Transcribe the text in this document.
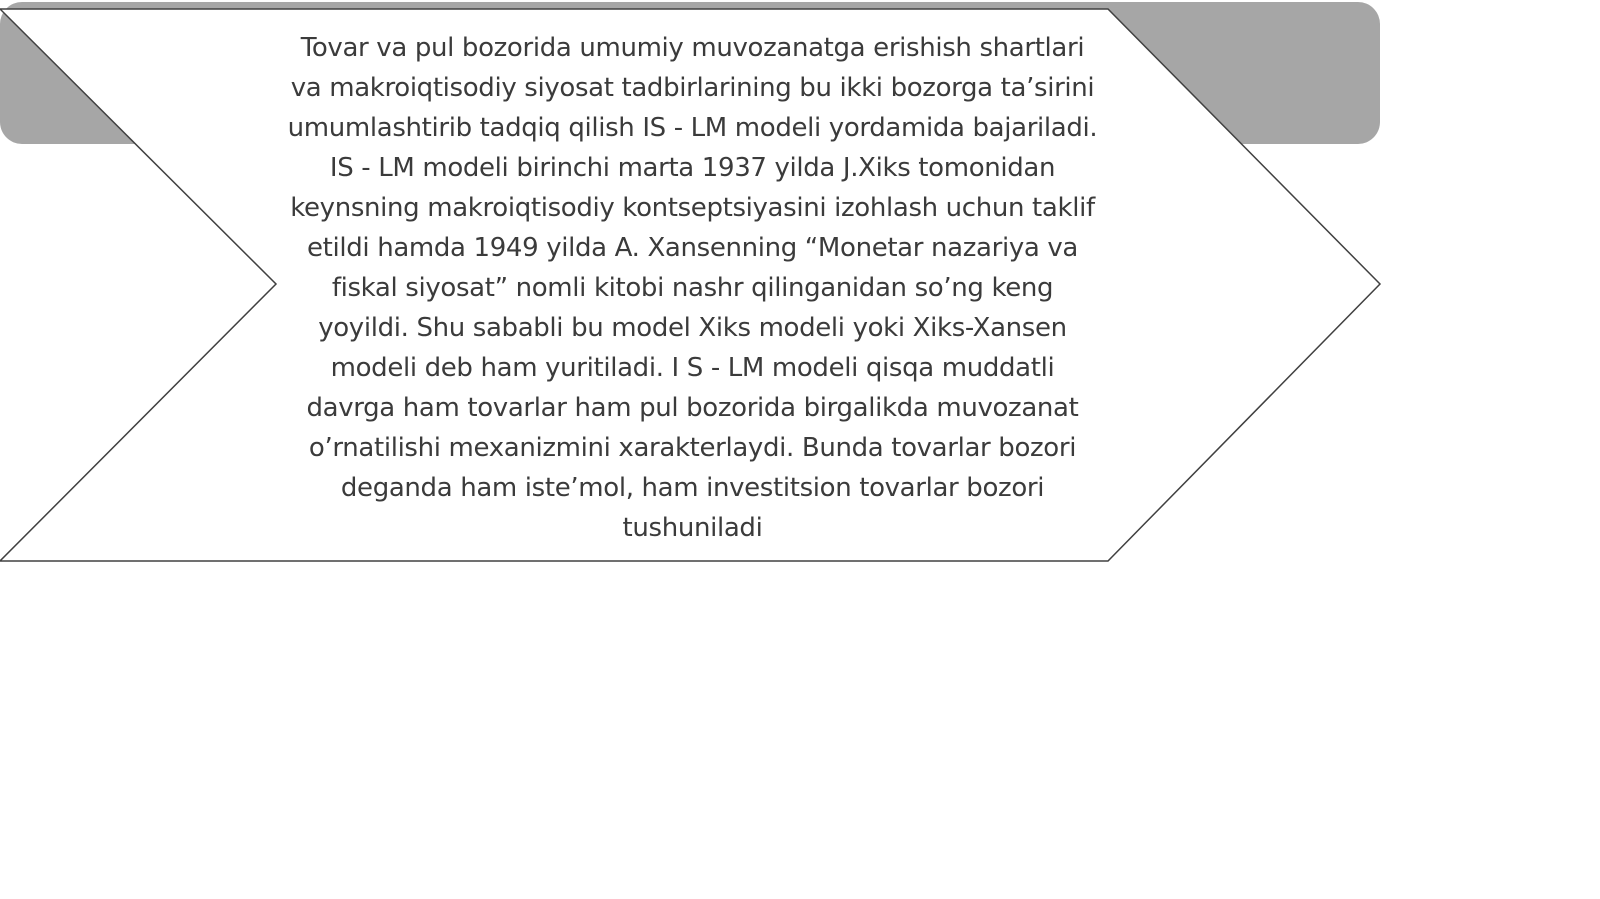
Tovar va pul bozorida umumiy muvozanatga erishish shartlari va makroiqtisodiy siyosat tadbirlarining bu ikki bozorga ta’sirini umumlashtirib tadqiq qilish IS - LM modeli yordamida bajariladi. IS - LM modeli birinchi marta 1937 yilda J.Xiks tomonidan keynsning makroiqtisodiy kontseptsiyasini izohlash uchun taklif etildi hamda 1949 yilda A. Xansenning “Monetar nazariya va fiskal siyosat” nomli kitobi nashr qilinganidan so’ng keng yoyildi. Shu sababli bu model Xiks modeli yoki Xiks-Xansen modeli deb ham yuritiladi. I S - LM modeli qisqa muddatli davrga ham tovarlar ham pul bozorida birgalikda muvozanat o’rnatilishi mexanizmini xarakterlaydi. Bunda tovarlar bozori deganda ham iste’mol, ham investitsion tovarlar bozori tushuniladi
